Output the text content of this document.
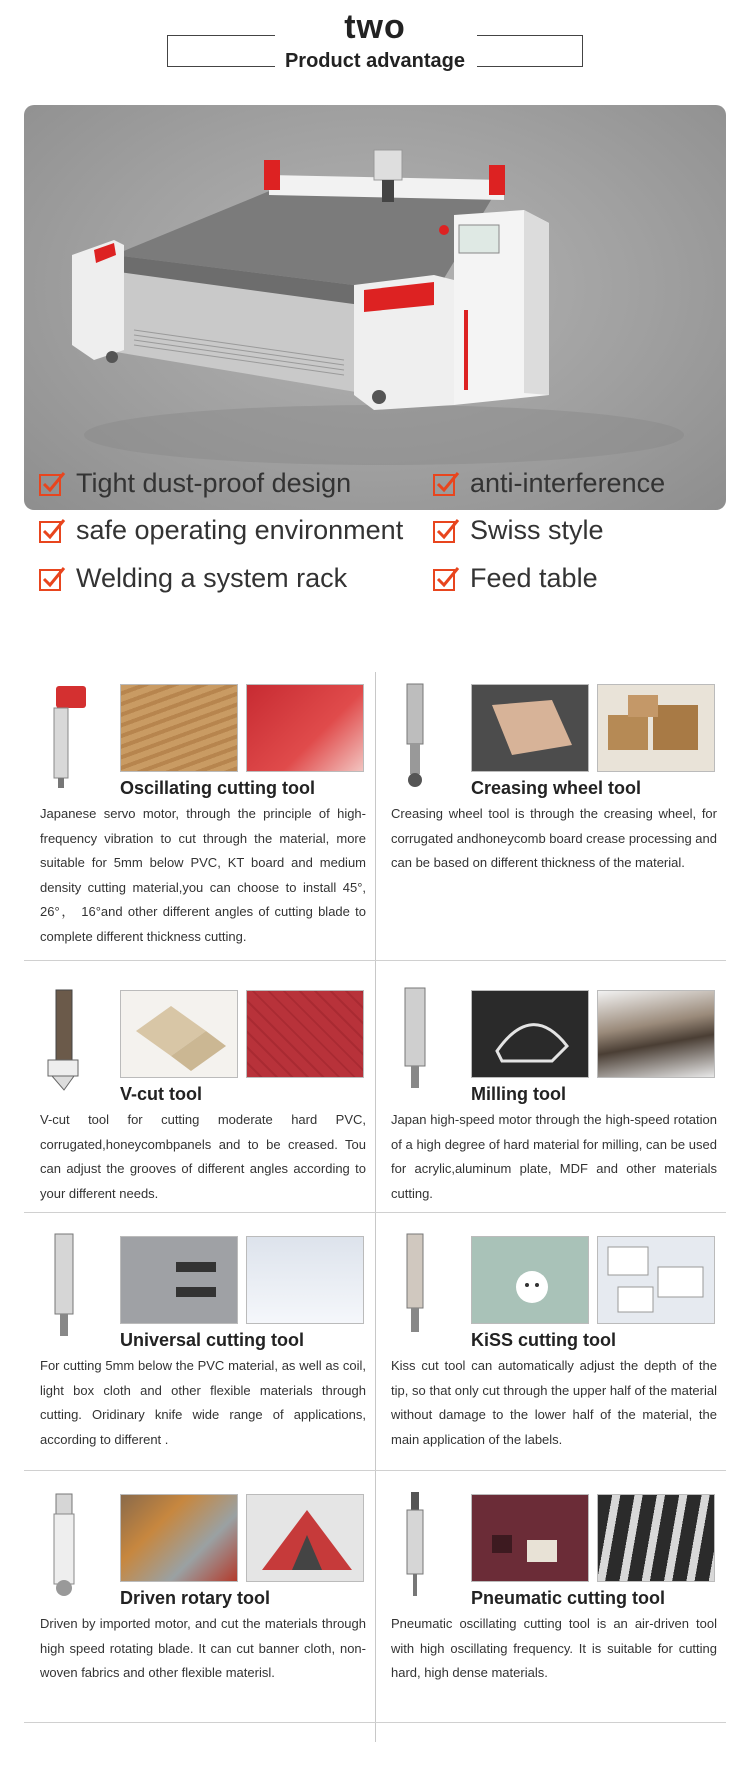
two
Product advantage
Tight dust-proof design	anti-interference
safe operating environment Swiss style
Welding a system rack	Feed table
Oscillating cutting tool
Japanese servo motor, through the principle of high-frequency vibration to cut through the material, more suitable for 5mm below PVC, KT board and medium density cutting material,you can choose to install 45°, 26°， 16°and other different angles of cutting blade to complete different thickness cutting.
Creasing wheel tool
Creasing wheel tool is through the creasing wheel, for corrugated andhoneycomb board crease processing and can be based on different thickness of the material.
V-cut tool
V-cut tool for cutting moderate hard PVC, corrugated,honeycombpanels and to be creased. Tou can adjust the grooves of different angles according to your different needs.
Milling tool
Japan high-speed motor through the high-speed rotation of a high degree of hard material for milling, can be used for acrylic,aluminum plate, MDF and other materials cutting.
Universal cutting tool
For cutting 5mm below the PVC material, as well as coil, light box cloth and other flexible materials through cutting. Oridinary knife wide range of applications, according to different .
KiSS cutting tool
Kiss cut tool can automatically adjust the depth of the tip, so that only cut through the upper half of the material without damage to the lower half of the material, the main application of the labels.
Driven rotary tool
Driven by imported motor, and cut the materials through high speed rotating blade. It can cut banner cloth, non-woven fabrics and other flexible materisl.
Pneumatic cutting tool
Pneumatic oscillating cutting tool is an air-driven tool with high oscillating frequency. It is suitable for cutting hard, high dense materials.
